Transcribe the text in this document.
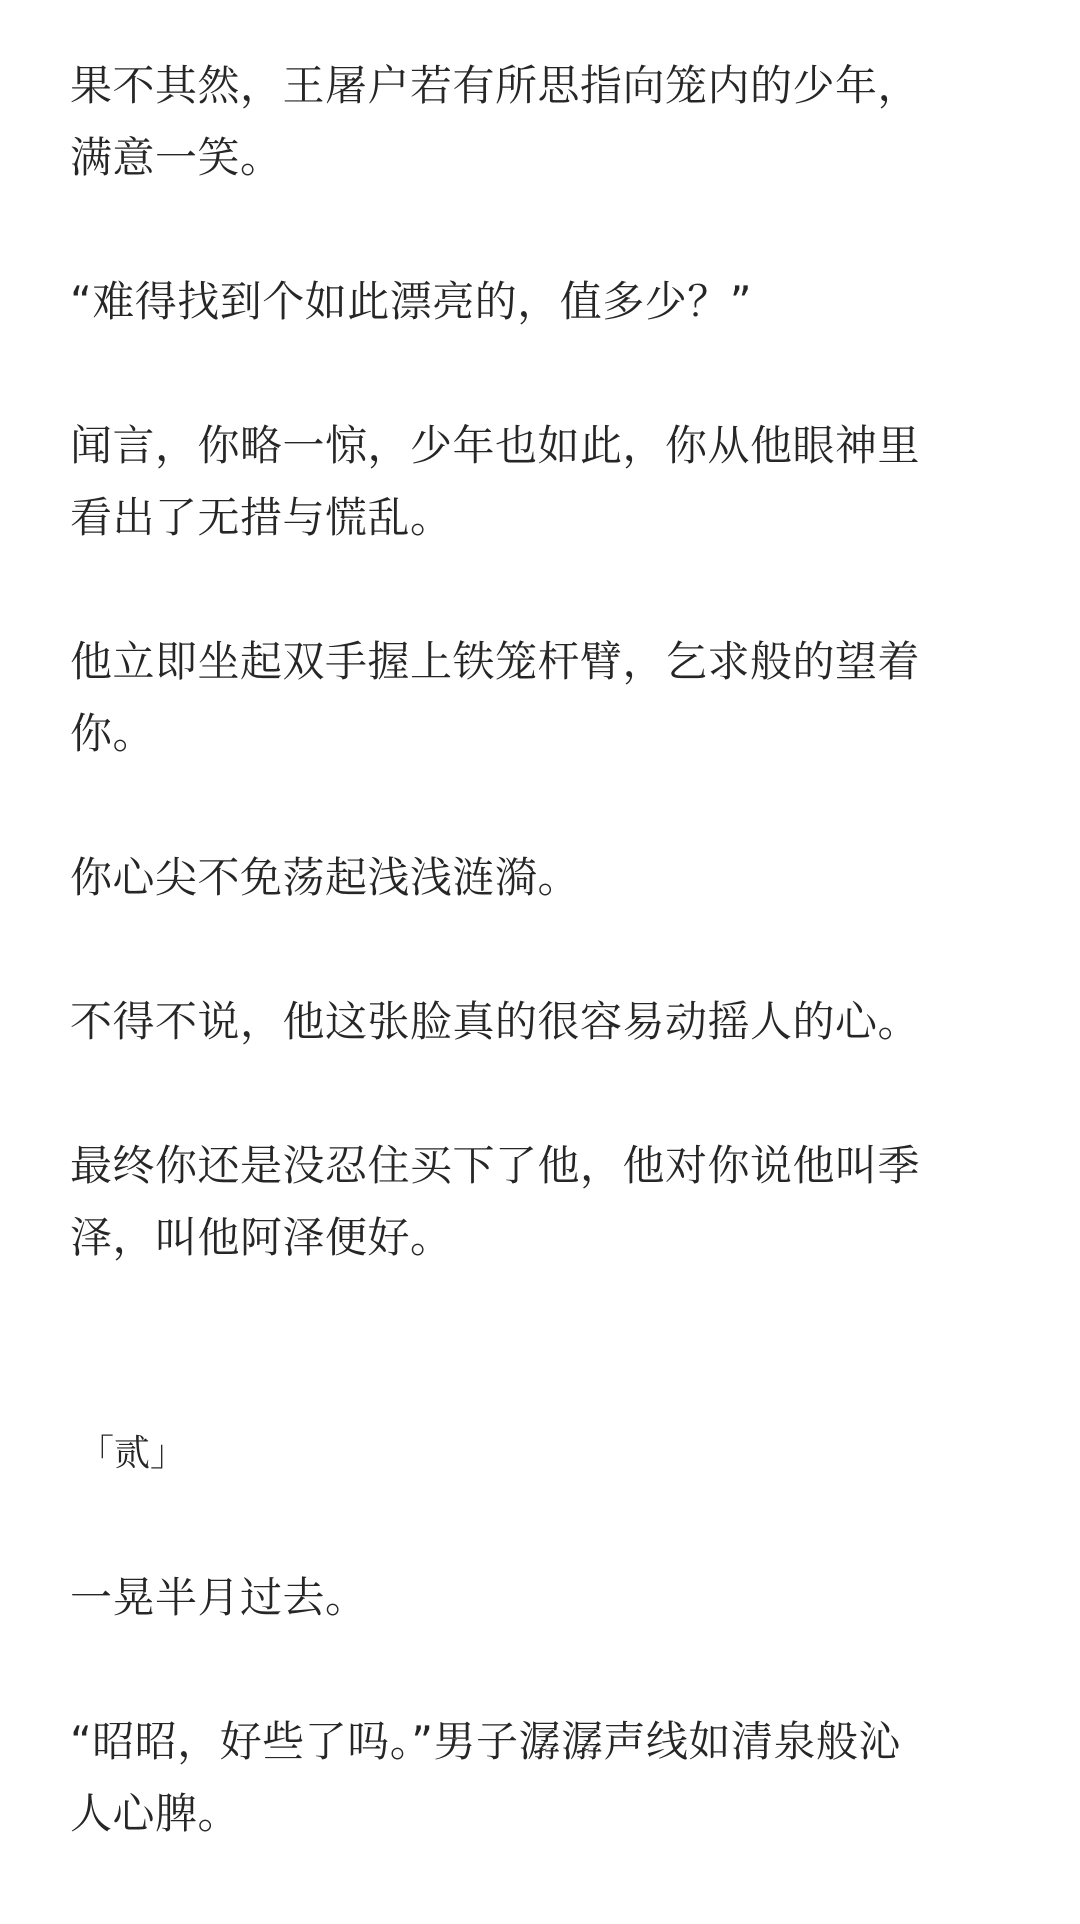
果不其然，王屠户若有所思指向笼内的少年，
满意一笑。

“难得找到个如此漂亮的，值多少？”

闻言，你略一惊，少年也如此，你从他眼神里
看出了无措与慌乱。

他立即坐起双手握上铁笼杆臂，乞求般的望着
你。

你心尖不免荡起浅浅涟漪。

不得不说，他这张脸真的很容易动摇人的心。

最终你还是没忍住买下了他，他对你说他叫季
泽，叫他阿泽便好。

「贰」

一晃半月过去。

“昭昭，好些了吗。”男子潺潺声线如清泉般沁
人心脾。
